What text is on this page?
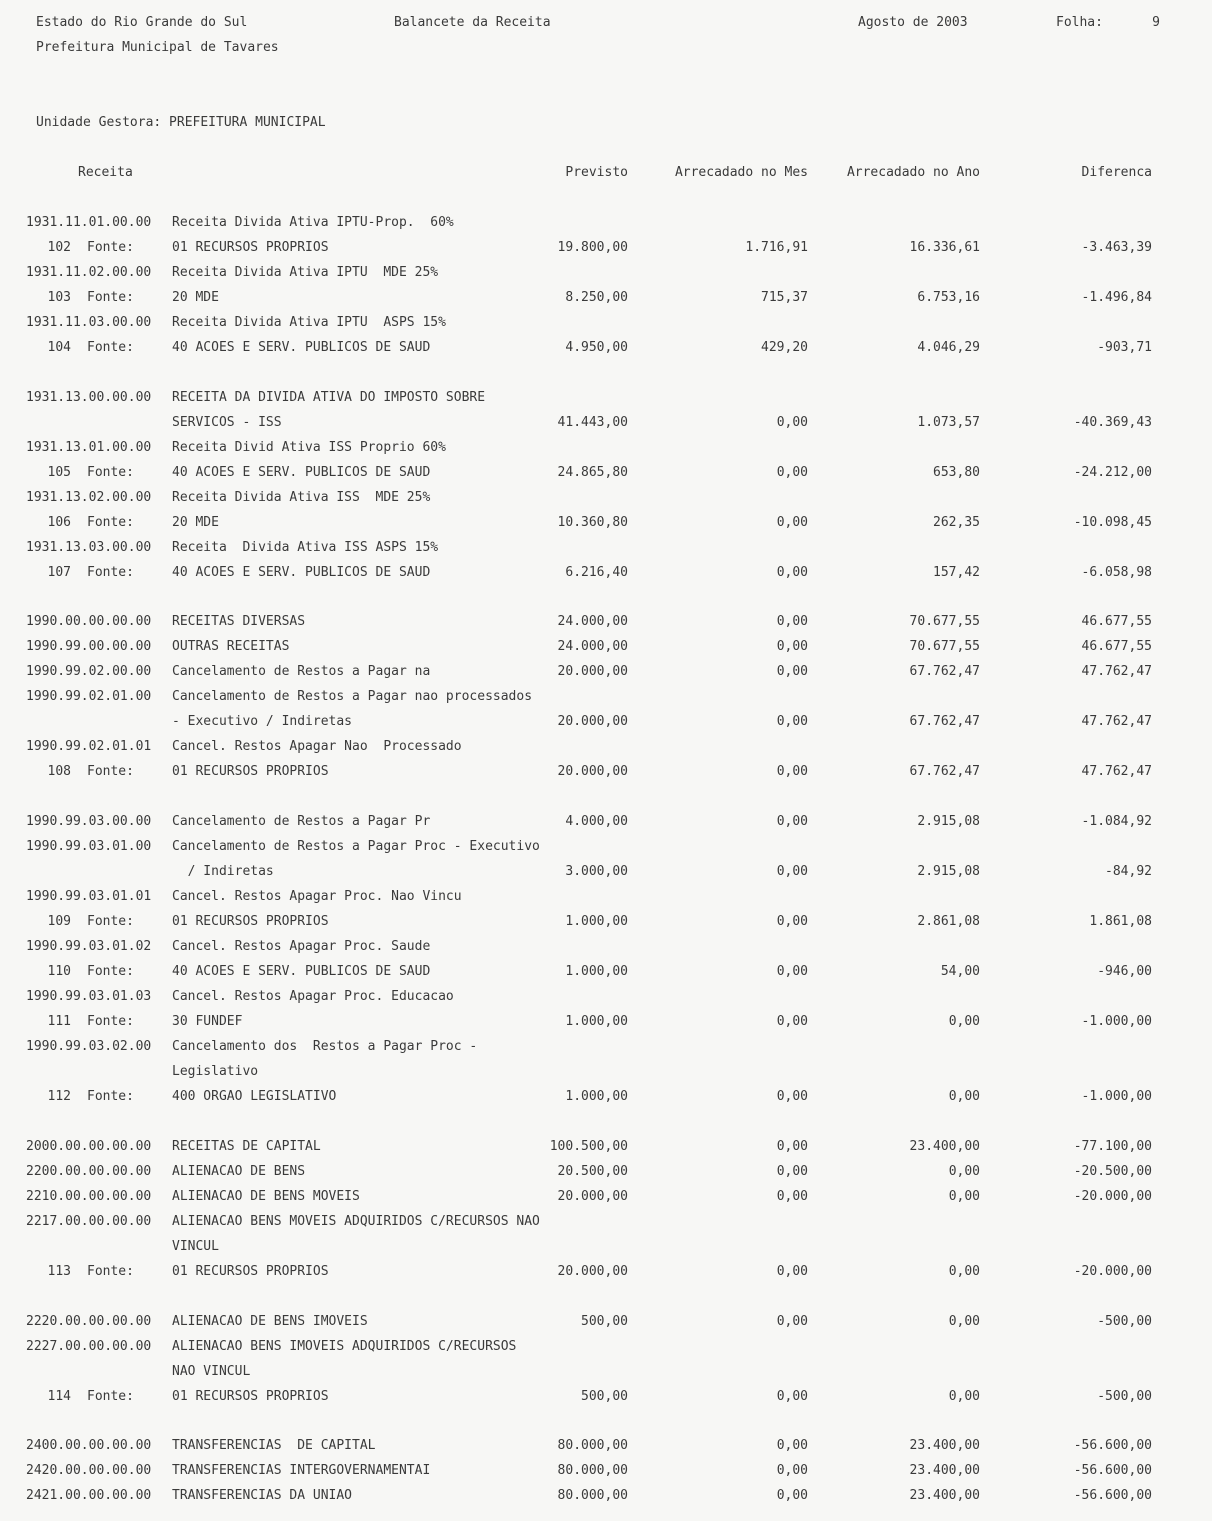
Estado do Rio Grande do Sul	Balancete da Receita	Agosto de 2003	Folha:	9
Prefeitura Municipal de Tavares
Unidade Gestora: PREFEITURA MUNICIPAL
Receita	Previsto	Arrecadado no Mes	Arrecadado no Ano	Diferenca
1931.11.01.00.00 Receita Divida Ativa IPTU-Prop.  60%
102 Fonte:	01 RECURSOS PROPRIOS	19.800,00	1.716,91	16.336,61	-3.463,39
1931.11.02.00.00 Receita Divida Ativa IPTU  MDE 25%
103 Fonte:	20 MDE	8.250,00	715,37	6.753,16	-1.496,84
1931.11.03.00.00 Receita Divida Ativa IPTU  ASPS 15%
104 Fonte:	40 ACOES E SERV. PUBLICOS DE SAUD	4.950,00	429,20	4.046,29	-903,71
1931.13.00.00.00 RECEITA DA DIVIDA ATIVA DO IMPOSTO SOBRE
SERVICOS - ISS	41.443,00	0,00	1.073,57	-40.369,43
1931.13.01.00.00 Receita Divid Ativa ISS Proprio 60%
105 Fonte:	40 ACOES E SERV. PUBLICOS DE SAUD	24.865,80	0,00	653,80	-24.212,00
1931.13.02.00.00 Receita Divida Ativa ISS  MDE 25%
106 Fonte:	20 MDE	10.360,80	0,00	262,35	-10.098,45
1931.13.03.00.00 Receita  Divida Ativa ISS ASPS 15%
107 Fonte:	40 ACOES E SERV. PUBLICOS DE SAUD	6.216,40	0,00	157,42	-6.058,98
1990.00.00.00.00 RECEITAS DIVERSAS	24.000,00	0,00	70.677,55	46.677,55
1990.99.00.00.00 OUTRAS RECEITAS	24.000,00	0,00	70.677,55	46.677,55
1990.99.02.00.00 Cancelamento de Restos a Pagar na	20.000,00	0,00	67.762,47	47.762,47
1990.99.02.01.00 Cancelamento de Restos a Pagar nao processados
- Executivo / Indiretas	20.000,00	0,00	67.762,47	47.762,47
1990.99.02.01.01 Cancel. Restos Apagar Nao  Processado
108 Fonte:	01 RECURSOS PROPRIOS	20.000,00	0,00	67.762,47	47.762,47
1990.99.03.00.00 Cancelamento de Restos a Pagar Pr	4.000,00	0,00	2.915,08	-1.084,92
1990.99.03.01.00 Cancelamento de Restos a Pagar Proc - Executivo
/ Indiretas	3.000,00	0,00	2.915,08	-84,92
1990.99.03.01.01 Cancel. Restos Apagar Proc. Nao Vincu
109 Fonte:	01 RECURSOS PROPRIOS	1.000,00	0,00	2.861,08	1.861,08
1990.99.03.01.02 Cancel. Restos Apagar Proc. Saude
110 Fonte:	40 ACOES E SERV. PUBLICOS DE SAUD	1.000,00	0,00	54,00	-946,00
1990.99.03.01.03 Cancel. Restos Apagar Proc. Educacao
111 Fonte:	30 FUNDEF	1.000,00	0,00	0,00	-1.000,00
1990.99.03.02.00 Cancelamento dos  Restos a Pagar Proc -
Legislativo
112 Fonte:	400 ORGAO LEGISLATIVO	1.000,00	0,00	0,00	-1.000,00
2000.00.00.00.00 RECEITAS DE CAPITAL	100.500,00	0,00	23.400,00	-77.100,00
2200.00.00.00.00 ALIENACAO DE BENS	20.500,00	0,00	0,00	-20.500,00
2210.00.00.00.00 ALIENACAO DE BENS MOVEIS	20.000,00	0,00	0,00	-20.000,00
2217.00.00.00.00 ALIENACAO BENS MOVEIS ADQUIRIDOS C/RECURSOS NAO
VINCUL
113 Fonte:	01 RECURSOS PROPRIOS	20.000,00	0,00	0,00	-20.000,00
2220.00.00.00.00 ALIENACAO DE BENS IMOVEIS	500,00	0,00	0,00	-500,00
2227.00.00.00.00 ALIENACAO BENS IMOVEIS ADQUIRIDOS C/RECURSOS
NAO VINCUL
114 Fonte:	01 RECURSOS PROPRIOS	500,00	0,00	0,00	-500,00
2400.00.00.00.00 TRANSFERENCIAS  DE CAPITAL	80.000,00	0,00	23.400,00	-56.600,00
2420.00.00.00.00 TRANSFERENCIAS INTERGOVERNAMENTAI	80.000,00	0,00	23.400,00	-56.600,00
2421.00.00.00.00 TRANSFERENCIAS DA UNIAO	80.000,00	0,00	23.400,00	-56.600,00
